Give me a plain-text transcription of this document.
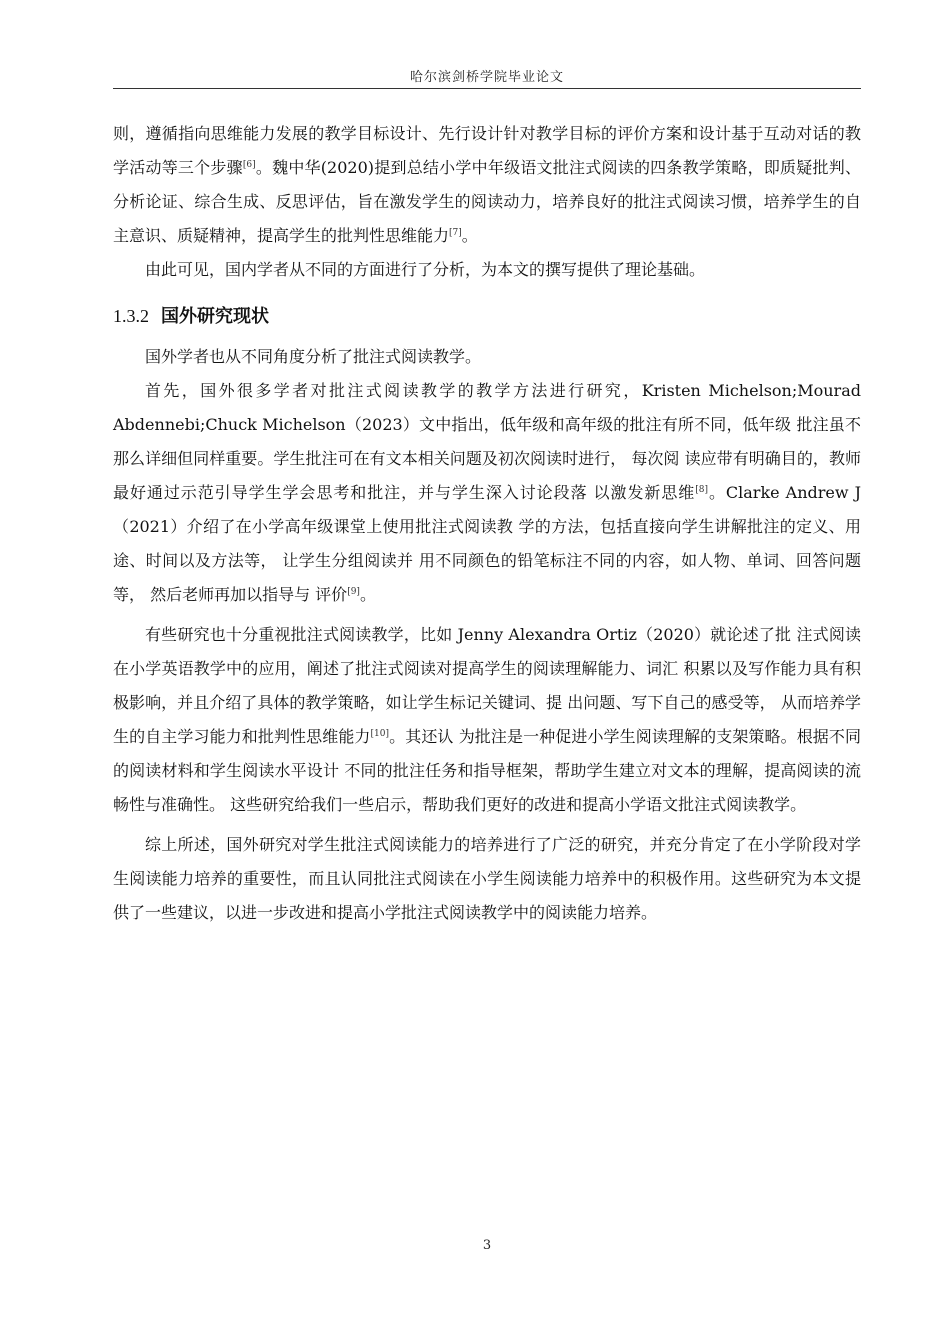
哈尔滨剑桥学院毕业论文

则，遵循指向思维能力发展的教学目标设计、先行设计针对教学目标的评价方案和设计基于互动对话的教学活动等三个步骤[6]。魏中华(2020)提到总结小学中年级语文批注式阅读的四条教学策略，即质疑批判、分析论证、综合生成、反思评估，旨在激发学生的阅读动力，培养良好的批注式阅读习惯，培养学生的自主意识、质疑精神，提高学生的批判性思维能力[7]。

由此可见，国内学者从不同的方面进行了分析，为本文的撰写提供了理论基础。

1.3.2 国外研究现状

国外学者也从不同角度分析了批注式阅读教学。

首先，国外很多学者对批注式阅读教学的教学方法进行研究，Kristen Michelson;Mourad Abdennebi;Chuck Michelson（2023）文中指出，低年级和高年级的批注有所不同，低年级 批注虽不那么详细但同样重要。学生批注可在有文本相关问题及初次阅读时进行， 每次阅 读应带有明确目的，教师最好通过示范引导学生学会思考和批注，并与学生深入讨论段落 以激发新思维[8]。Clarke Andrew J（2021）介绍了在小学高年级课堂上使用批注式阅读教 学的方法，包括直接向学生讲解批注的定义、用途、时间以及方法等， 让学生分组阅读并 用不同颜色的铅笔标注不同的内容，如人物、单词、回答问题等， 然后老师再加以指导与 评价[9]。

有些研究也十分重视批注式阅读教学，比如 Jenny Alexandra Ortiz（2020）就论述了批 注式阅读在小学英语教学中的应用，阐述了批注式阅读对提高学生的阅读理解能力、词汇 积累以及写作能力具有积极影响，并且介绍了具体的教学策略，如让学生标记关键词、提 出问题、写下自己的感受等， 从而培养学生的自主学习能力和批判性思维能力[10]。其还认 为批注是一种促进小学生阅读理解的支架策略。根据不同的阅读材料和学生阅读水平设计 不同的批注任务和指导框架，帮助学生建立对文本的理解，提高阅读的流畅性与准确性。 这些研究给我们一些启示，帮助我们更好的改进和提高小学语文批注式阅读教学。

综上所述，国外研究对学生批注式阅读能力的培养进行了广泛的研究，并充分肯定了在小学阶段对学生阅读能力培养的重要性，而且认同批注式阅读在小学生阅读能力培养中的积极作用。这些研究为本文提供了一些建议，以进一步改进和提高小学批注式阅读教学中的阅读能力培养。

3
